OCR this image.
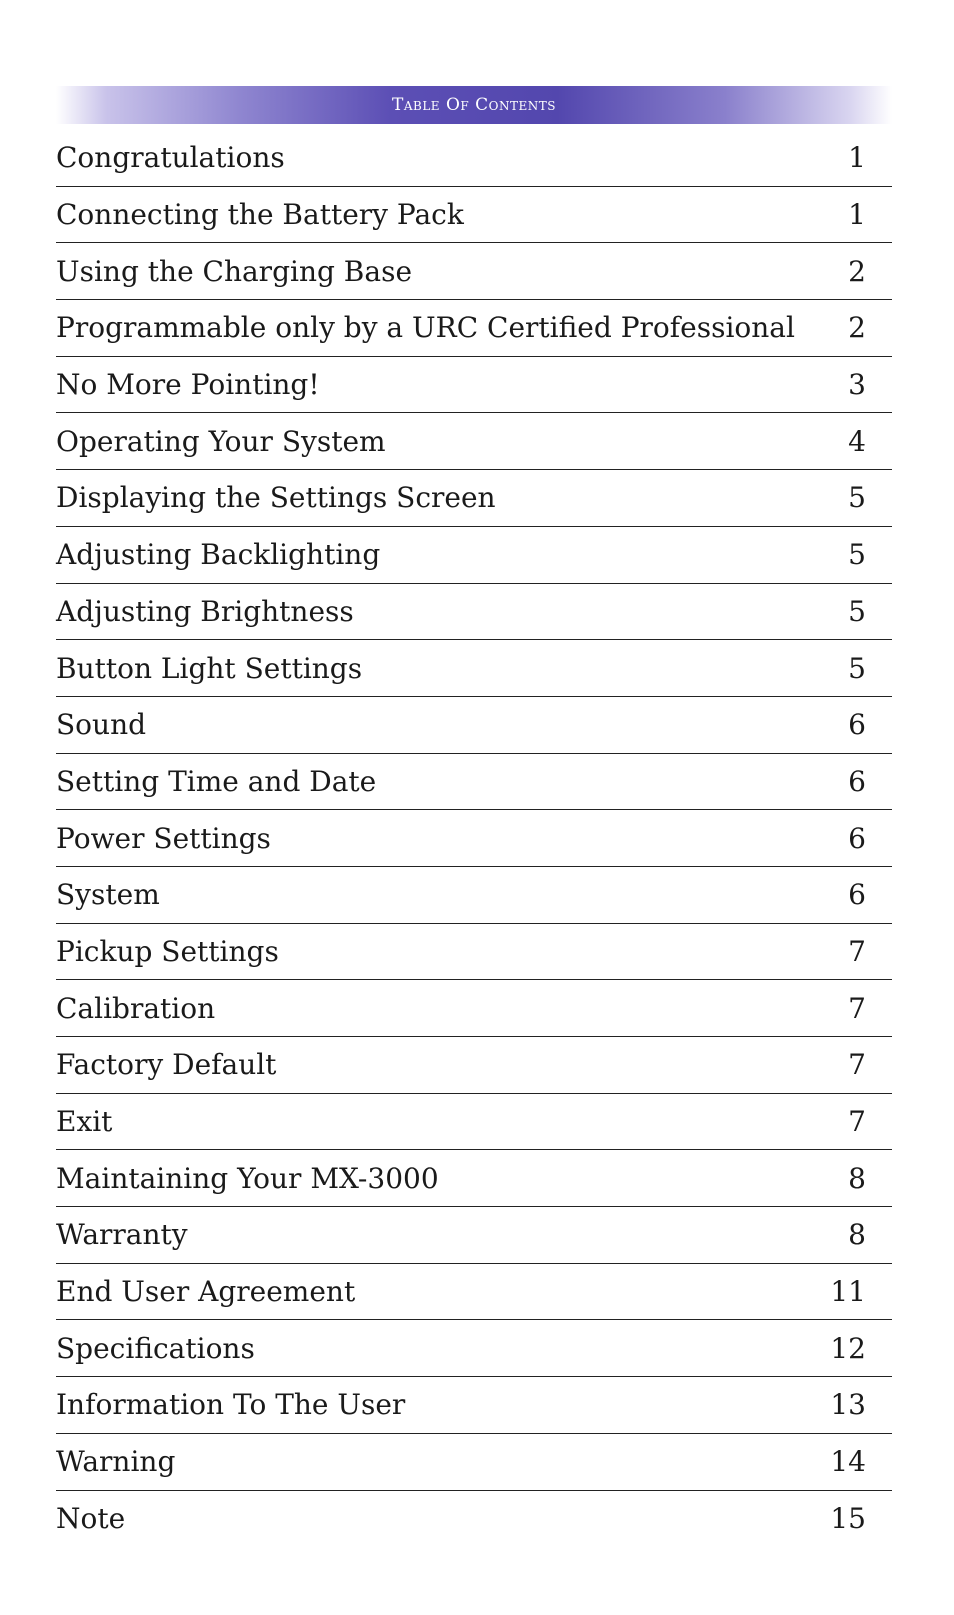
Table Of Contents
Congratulations	1
Connecting the Battery Pack	1
Using the Charging Base	2
Programmable only by a URC Certified Professional	2
No More Pointing!	3
Operating Your System	4
Displaying the Settings Screen	5
Adjusting Backlighting	5
Adjusting Brightness	5
Button Light Settings	5
Sound	6
Setting Time and Date	6
Power Settings	6
System	6
Pickup Settings	7
Calibration	7
Factory Default	7
Exit	7
Maintaining Your MX-3000	8
Warranty	8
End User Agreement	11
Specifications	12
Information To The User	13
Warning	14
Note	15
